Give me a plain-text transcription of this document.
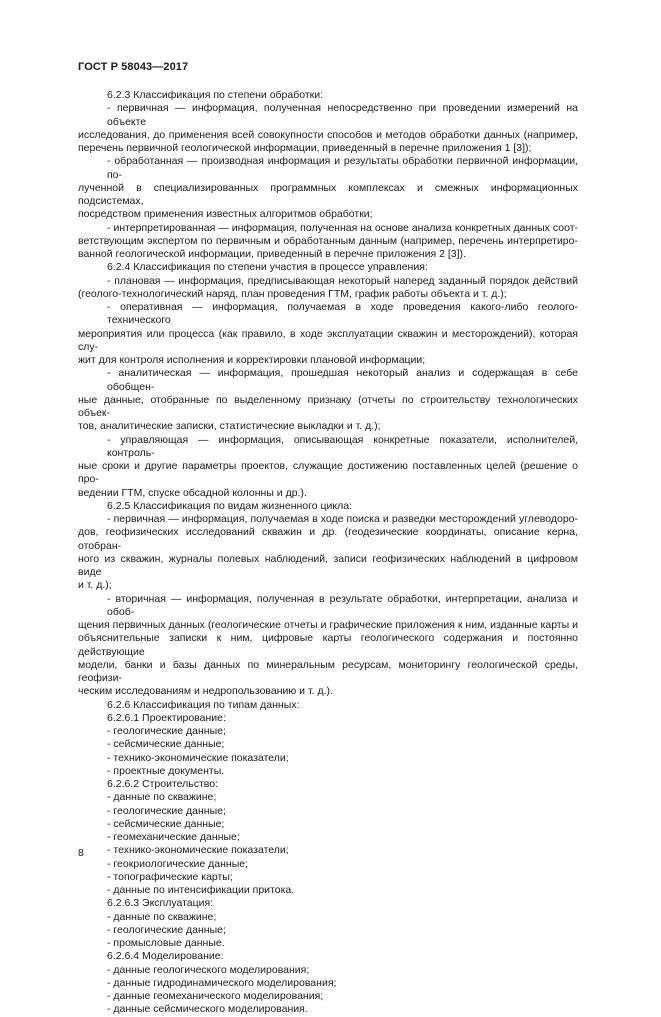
ГОСТ Р 58043—2017
6.2.3 Классификация по степени обработки:
- первичная — информация, полученная непосредственно при проведении измерений на объекте
исследования, до применения всей совокупности способов и методов обработки данных (например,
перечень первичной геологической информации, приведенный в перечне приложения 1 [3]);
- обработанная — производная информация и результаты обработки первичной информации, по-
лученной в специализированных программных комплексах и смежных информационных подсистемах,
посредством применения известных алгоритмов обработки;
- интерпретированная — информация, полученная на основе анализа конкретных данных соот-
ветствующим экспертом по первичным и обработанным данным (например, перечень интерпретиро-
ванной геологической информации, приведенный в перечне приложения 2 [3]).
6.2.4 Классификация по степени участия в процессе управления:
- плановая — информация, предписывающая некоторый наперед заданный порядок действий
(геолого-технологический наряд, план проведения ГТМ, график работы объекта и т. д.);
- оперативная — информация, получаемая в ходе проведения какого-либо геолого-технического
мероприятия или процесса (как правило, в ходе эксплуатации скважин и месторождений), которая слу-
жит для контроля исполнения и корректировки плановой информации;
- аналитическая — информация, прошедшая некоторый анализ и содержащая в себе обобщен-
ные данные, отобранные по выделенному признаку (отчеты по строительству технологических объек-
тов, аналитические записки, статистические выкладки и т. д.);
- управляющая — информация, описывающая конкретные показатели, исполнителей, контроль-
ные сроки и другие параметры проектов, служащие достижению поставленных целей (решение о про-
ведении ГТМ, спуске обсадной колонны и др.).
6.2.5 Классификация по видам жизненного цикла:
- первичная — информация, получаемая в ходе поиска и разведки месторождений углеводоро-
дов, геофизических исследований скважин и др. (геодезические координаты, описание керна, отобран-
ного из скважин, журналы полевых наблюдений, записи геофизических наблюдений в цифровом виде
и т. д.);
- вторичная — информация, полученная в результате обработки, интерпретации, анализа и обоб-
щения первичных данных (геологические отчеты и графические приложения к ним, изданные карты и
объяснительные записки к ним, цифровые карты геологического содержания и постоянно действующие
модели, банки и базы данных по минеральным ресурсам, мониторингу геологической среды, геофизи-
ческим исследованиям и недропользованию и т. д.).
6.2.6 Классификация по типам данных:
6.2.6.1 Проектирование:
- геологические данные;
- сейсмические данные;
- технико-экономические показатели;
- проектные документы.
6.2.6.2 Строительство:
- данные по скважине;
- геологические данные;
- сейсмические данные;
- геомеханические данные;
- технико-экономические показатели;
- геокриологические данные;
- топографические карты;
- данные по интенсификации притока.
6.2.6.3 Эксплуатация:
- данные по скважине;
- геологические данные;
- промысловые данные.
6.2.6.4 Моделирование:
- данные геологического моделирования;
- данные гидродинамического моделирования;
- данные геомеханического моделирования;
- данные сейсмического моделирования.
8
